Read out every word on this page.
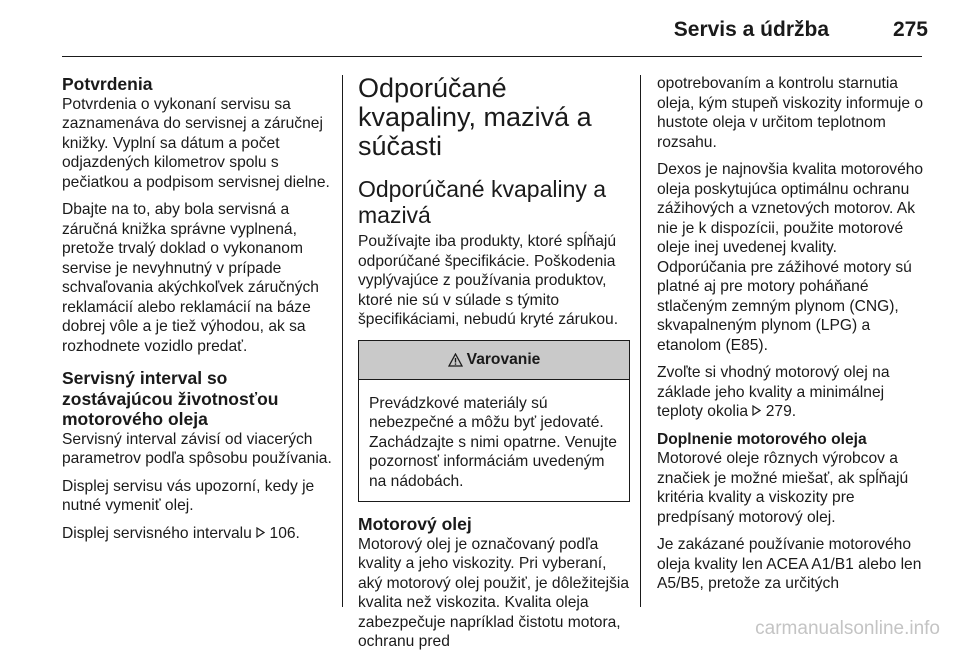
Servis a údržba	275
Potvrdenia

Potvrdenia o vykonaní servisu sa zaznamenáva do servisnej a záručnej knižky. Vyplní sa dátum a počet odjazdených kilometrov spolu s pečiatkou a podpisom servisnej dielne.

Dbajte na to, aby bola servisná a záručná knižka správne vyplnená, pretože trvalý doklad o vykonanom servise je nevyhnutný v prípade schvaľovania akýchkoľvek záručných reklamácií alebo reklamácií na báze dobrej vôle a je tiež výhodou, ak sa rozhodnete vozidlo predať.

Servisný interval so zostávajúcou životnosťou motorového oleja

Servisný interval závisí od viacerých parametrov podľa spôsobu používania.

Displej servisu vás upozorní, kedy je nutné vymeniť olej.

Displej servisného intervalu 106.

Odporúčané kvapaliny, mazivá a súčasti
Odporúčané kvapaliny a mazivá

Používajte iba produkty, ktoré spĺňajú odporúčané špecifikácie. Poškodenia vyplývajúce z používania produktov, ktoré nie sú v súlade s týmito špecifikáciami, nebudú kryté zárukou.

Varovanie
Prevádzkové materiály sú nebezpečné a môžu byť jedovaté. Zachádzajte s nimi opatrne. Venujte pozornosť informáciám uvedeným na nádobách.
Motorový olej

Motorový olej je označovaný podľa kvality a jeho viskozity. Pri vyberaní, aký motorový olej použiť, je dôležitejšia kvalita než viskozita. Kvalita oleja zabezpečuje napríklad čistotu motora, ochranu pred

opotrebovaním a kontrolu starnutia oleja, kým stupeň viskozity informuje o hustote oleja v určitom teplotnom rozsahu.

Dexos je najnovšia kvalita motorového oleja poskytujúca optimálnu ochranu zážihových a vznetových motorov. Ak nie je k dispozícii, použite motorové oleje inej uvedenej kvality. Odporúčania pre zážihové motory sú platné aj pre motory poháňané stlačeným zemným plynom (CNG), skvapalneným plynom (LPG) a etanolom (E85).

Zvoľte si vhodný motorový olej na základe jeho kvality a minimálnej teploty okolia 279.

Doplnenie motorového oleja

Motorové oleje rôznych výrobcov a značiek je možné miešať, ak spĺňajú kritéria kvality a viskozity pre predpísaný motorový olej.

Je zakázané používanie motorového oleja kvality len ACEA A1/B1 alebo len A5/B5, pretože za určitých

carmanualsonline.info
